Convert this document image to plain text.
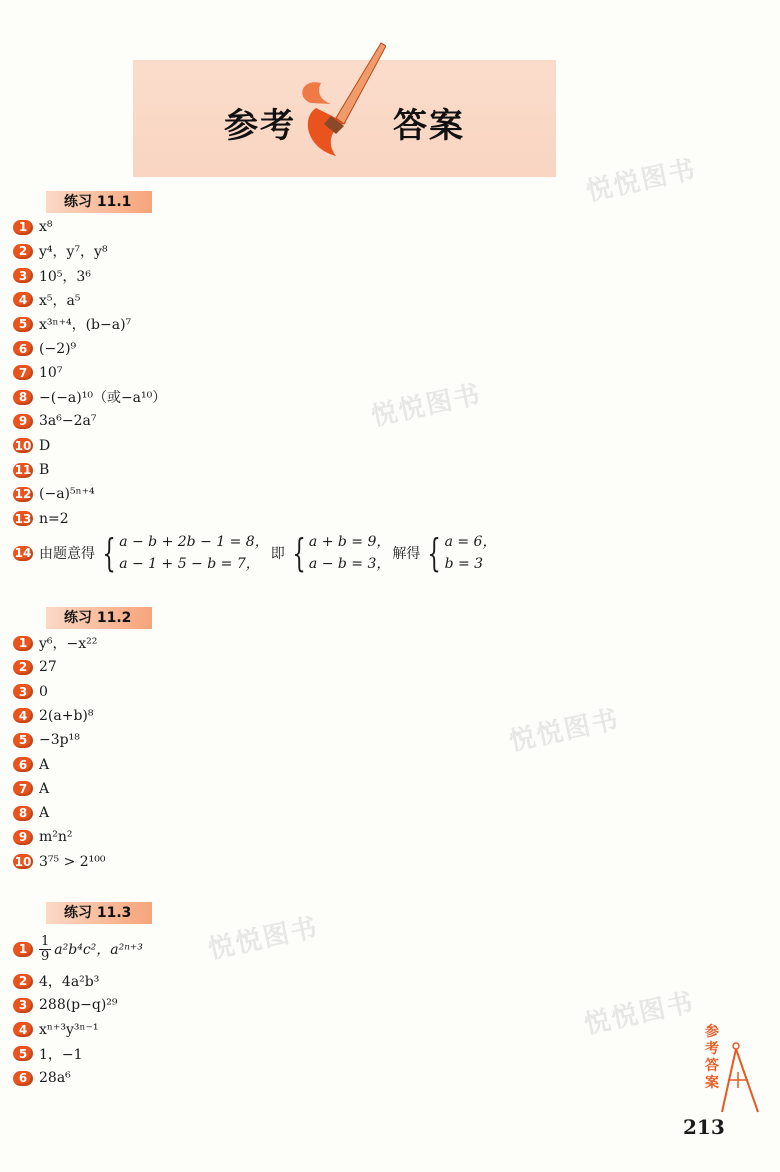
参考	答案
悦悦图书
悦悦图书
悦悦图书
悦悦图书
悦悦图书
练习 11.1
1 x⁸
2 y⁴，y⁷，y⁸
3 10⁵，3⁶
4 x⁵，a⁵
5 x³ⁿ⁺⁴，(b−a)⁷
6 (−2)⁹
7 10⁷
8 −(−a)¹⁰（或−a¹⁰）
9 3a⁶−2a⁷
10 D
11 B
12 (−a)⁵ⁿ⁺⁴
13 n=2
14 由题意得 { a − b + 2b − 1 = 8，
a − 1 + 5 − b = 7，
即 { a + b = 9，
a − b = 3，
解得 { a = 6，
b = 3
练习 11.2
1 y⁶，−x²²
2 27
3 0
4 2(a+b)⁸
5 −3p¹⁸
6 A
7 A
8 A
9 m²n²
10 3⁷⁵ > 2¹⁰⁰
练习 11.3
$1 \frac{1}{9} a^2b^4c^2$，a²ⁿ⁺³
2 4，4a²b³
3 288(p−q)²⁹
4 xⁿ⁺³y³ⁿ⁻¹
5 1，−1
6 28a⁶
参考答案
213
